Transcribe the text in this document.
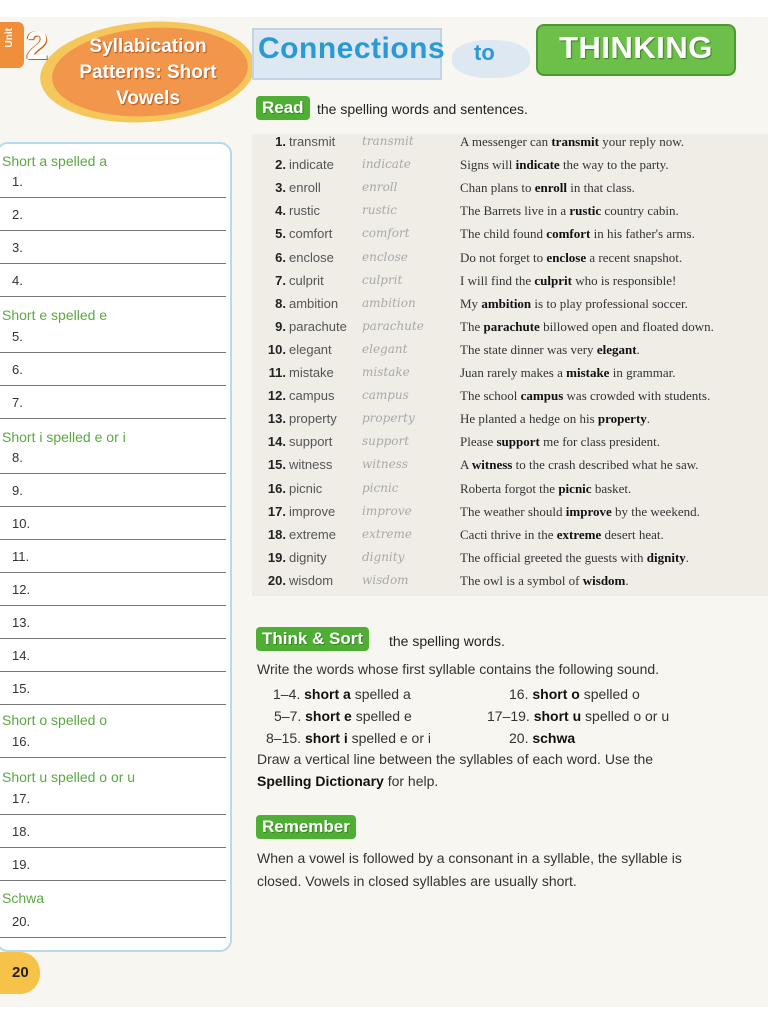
Unit 2	Syllabication
Patterns: Short
Vowels
Connections to	THINKING
Read the spelling words and sentences.
1. transmit transmit	A messenger can transmit your reply now.
2. indicate indicate	Signs will indicate the way to the party.
3. enroll	enroll	Chan plans to enroll in that class.
4. rustic	rustic	The Barrets live in a rustic country cabin.
5. comfort comfort	The child found comfort in his father's arms.
6. enclose enclose	Do not forget to enclose a recent snapshot.
7. culprit	culprit	I will find the culprit who is responsible!
8. ambition ambition	My ambition is to play professional soccer.
9. parachute parachute	The parachute billowed open and floated down.
10. elegant	elegant	The state dinner was very elegant.
11. mistake mistake	Juan rarely makes a mistake in grammar.
12. campus campus	The school campus was crowded with students.
13. property property	He planted a hedge on his property.
14. support support	Please support me for class president.
15. witness witness	A witness to the crash described what he saw.
16. picnic	picnic	Roberta forgot the picnic basket.
17. improve improve	The weather should improve by the weekend.
18. extreme extreme	Cacti thrive in the extreme desert heat.
19. dignity	dignity	The official greeted the guests with dignity.
20. wisdom wisdom	The owl is a symbol of wisdom.
Short a spelled a
1.
2.
3.
4.
Short e spelled e
5.
6.
7.
Short i spelled e or i
8.
9.
10.
11.
12.
13.
14.
15.
Short o spelled o
16.
Short u spelled o or u
17.
18.
19.
Schwa
20.
20
Think & Sort	the spelling words.
Write the words whose first syllable contains the following sound.
1–4. short a spelled a
5–7. short e spelled e
8–15. short i spelled e or i
16. short o spelled o
17–19. short u spelled o or u
20. schwa
Draw a vertical line between the syllables of each word. Use the
Spelling Dictionary for help.
Remember
When a vowel is followed by a consonant in a syllable, the syllable is
closed. Vowels in closed syllables are usually short.
